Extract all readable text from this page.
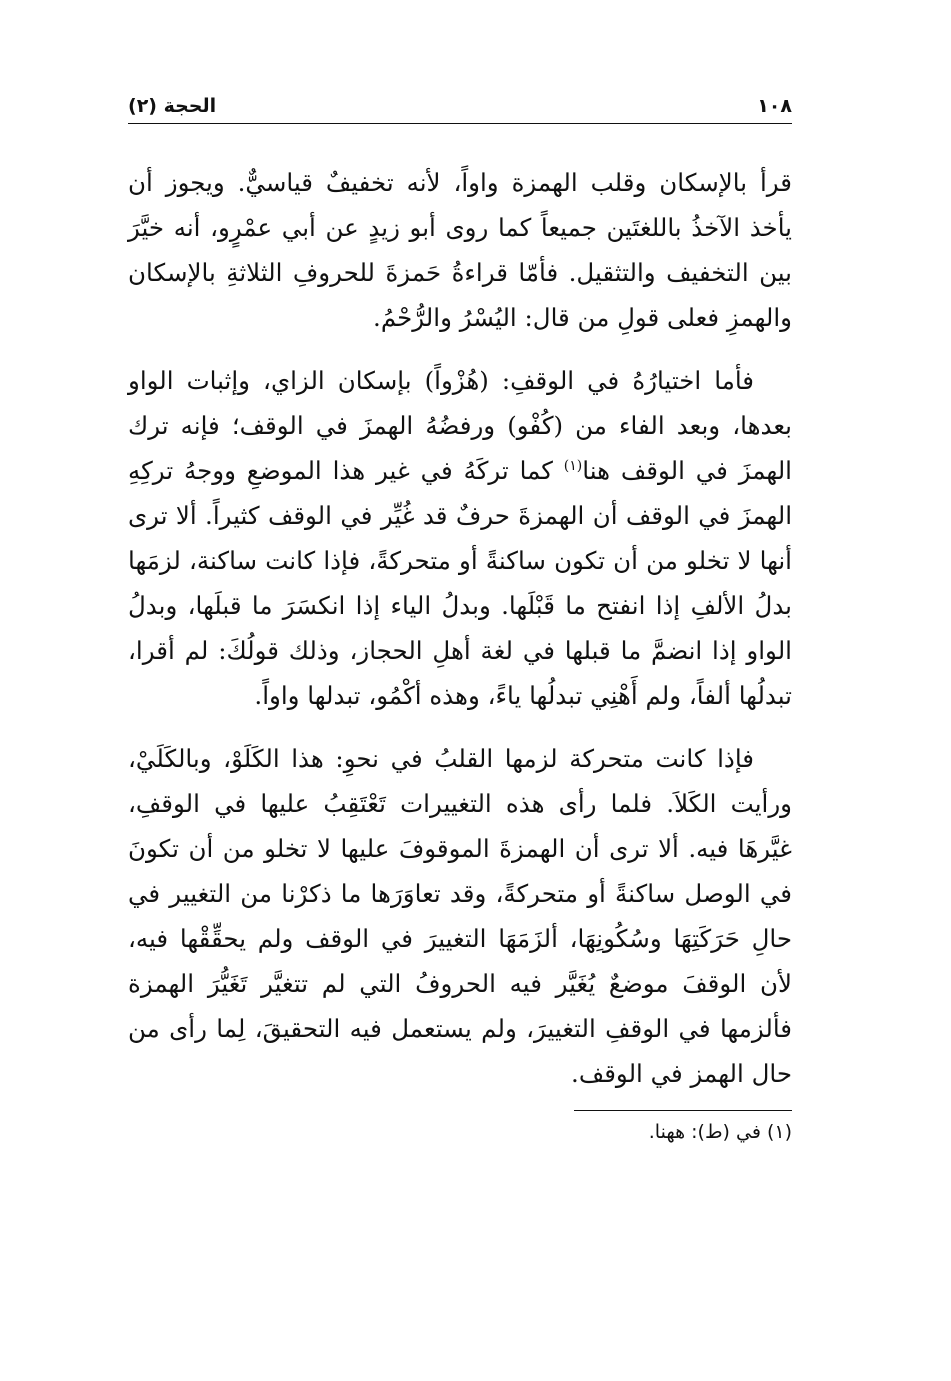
١٠٨
الحجة (٢)

قرأ بالإسكان وقلب الهمزة واواً، لأنه تخفيفٌ قياسيٌّ. ويجوز أن يأخذ الآخذُ باللغتَين جميعاً كما روى أبو زيدٍ عن أبي عمْرٍو، أنه خيَّرَ بين التخفيف والتثقيل. فأمّا قراءةُ حَمزةَ للحروفِ الثلاثةِ بالإسكان والهمزِ فعلى قولِ من قال: اليُسْرُ والرُّحْمُ.

فأما اختيارُهُ في الوقفِ: (هُزْواً) بإسكان الزاي، وإثبات الواو بعدها، وبعد الفاء من (كُفْو) ورفضُهُ الهمزَ في الوقف؛ فإنه ترك الهمزَ في الوقف هنا$^{(١)}$ كما تركَهُ في غير هذا الموضعِ ووجهُ تركِهِ الهمزَ في الوقف أن الهمزةَ حرفٌ قد غُيِّر في الوقف كثيراً. ألا ترى أنها لا تخلو من أن تكون ساكنةً أو متحركةً، فإذا كانت ساكنة، لزمَها بدلُ الألفِ إذا انفتح ما قَبْلَها. وبدلُ الياء إذا انكسَرَ ما قبلَها، وبدلُ الواو إذا انضمَّ ما قبلها في لغة أهلِ الحجاز، وذلك قولُكَ: لم أقرا، تبدلُها ألفاً، ولم أَهْنِي تبدلُها ياءً، وهذه أكْمُو، تبدلها واواً.

فإذا كانت متحركة لزمها القلبُ في نحوِ: هذا الكَلَوْ، وبالكَلَيْ، ورأيت الكَلاَ. فلما رأى هذه التغييرات تَعْتَقِبُ عليها في الوقفِ، غيَّرهَا فيه. ألا ترى أن الهمزةَ الموقوفَ عليها لا تخلو من أن تكونَ في الوصل ساكنةً أو متحركةً، وقد تعاوَرَها ما ذكرْنا من التغيير في حالِ حَرَكَتِهَا وسُكُونِهَا، ألزَمَهَا التغييرَ في الوقف ولم يحقِّقْها فيه، لأن الوقفَ موضعٌ يُغَيَّر فيه الحروفُ التي لم تتغيَّر تَغَيُّرَ الهمزة فألزمها في الوقفِ التغييرَ، ولم يستعمل فيه التحقيقَ، لِما رأى من حال الهمز في الوقف.

(١) في (ط): ههنا.
